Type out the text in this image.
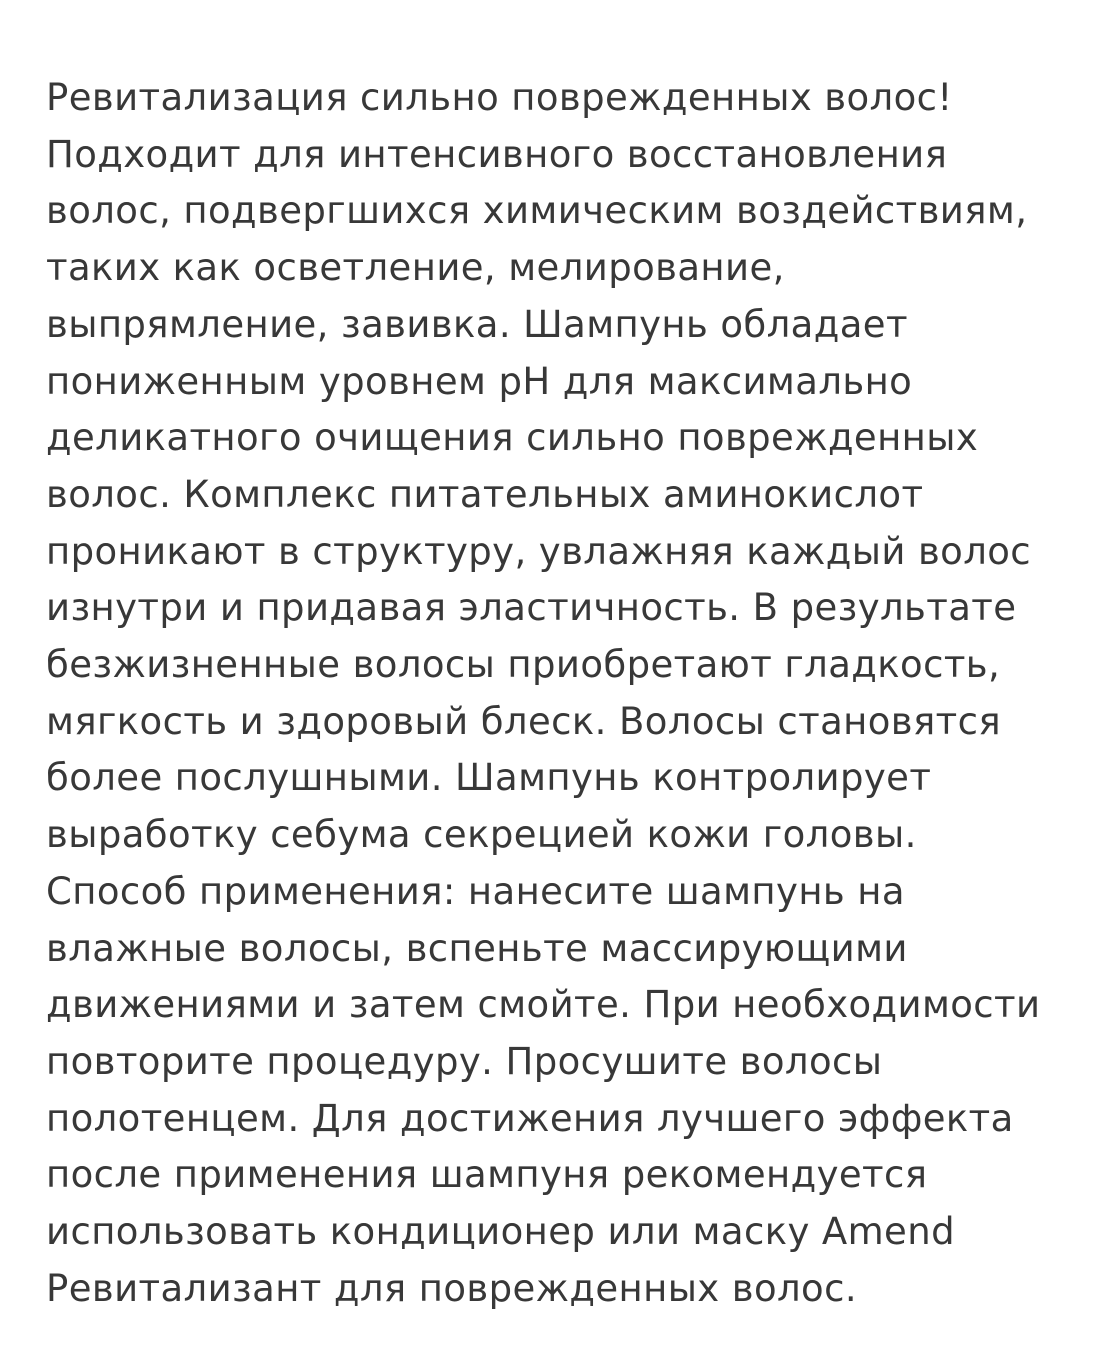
Ревитализация сильно поврежденных волос!
Подходит для интенсивного восстановления
волос, подвергшихся химическим воздействиям,
таких как осветление, мелирование,
выпрямление, завивка. Шампунь обладает
пониженным уровнем pH для максимально
деликатного очищения сильно поврежденных
волос. Комплекс питательных аминокислот
проникают в структуру, увлажняя каждый волос
изнутри и придавая эластичность. В результате
безжизненные волосы приобретают гладкость,
мягкость и здоровый блеск. Волосы становятся
более послушными. Шампунь контролирует
выработку себума секрецией кожи головы.
Способ применения: нанесите шампунь на
влажные волосы, вспеньте массирующими
движениями и затем смойте. При необходимости
повторите процедуру. Просушите волосы
полотенцем. Для достижения лучшего эффекта
после применения шампуня рекомендуется
использовать кондиционер или маску Amend
Ревитализант для поврежденных волос.
